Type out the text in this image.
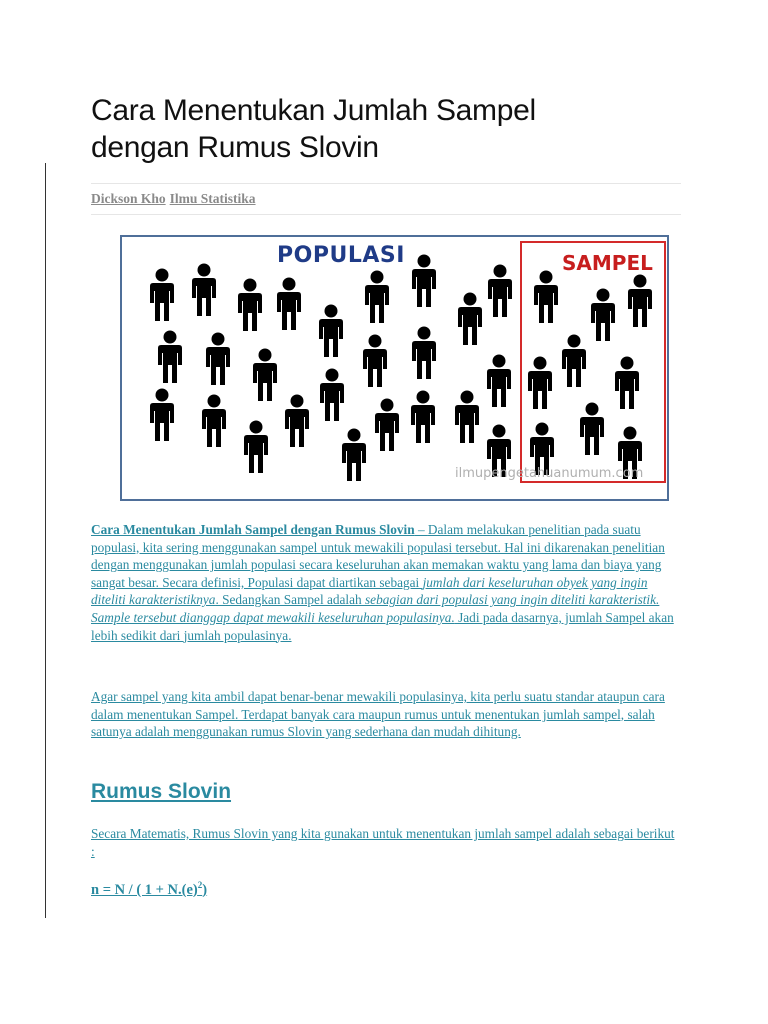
Cara Menentukan Jumlah Sampel
dengan Rumus Slovin
Dickson Kho Ilmu Statistika
POPULASI	SAMPEL
ilmupengetahuanumum.com

Cara Menentukan Jumlah Sampel dengan Rumus Slovin – Dalam melakukan penelitian pada suatu populasi, kita sering menggunakan sampel untuk mewakili populasi tersebut. Hal ini dikarenakan penelitian dengan menggunakan jumlah populasi secara keseluruhan akan memakan waktu yang lama dan biaya yang sangat besar. Secara definisi, Populasi dapat diartikan sebagai jumlah dari keseluruhan obyek yang ingin diteliti karakteristiknya. Sedangkan Sampel adalah sebagian dari populasi yang ingin diteliti karakteristik. Sample tersebut dianggap dapat mewakili keseluruhan populasinya. Jadi pada dasarnya, jumlah Sampel akan lebih sedikit dari jumlah populasinya.

Agar sampel yang kita ambil dapat benar-benar mewakili populasinya, kita perlu suatu standar ataupun cara dalam menentukan Sampel. Terdapat banyak cara maupun rumus untuk menentukan jumlah sampel, salah satunya adalah menggunakan rumus Slovin yang sederhana dan mudah dihitung.

Rumus Slovin

Secara Matematis, Rumus Slovin yang kita gunakan untuk menentukan jumlah sampel adalah sebagai berikut :

n = N / ( $1 + N.(e)^2$)
